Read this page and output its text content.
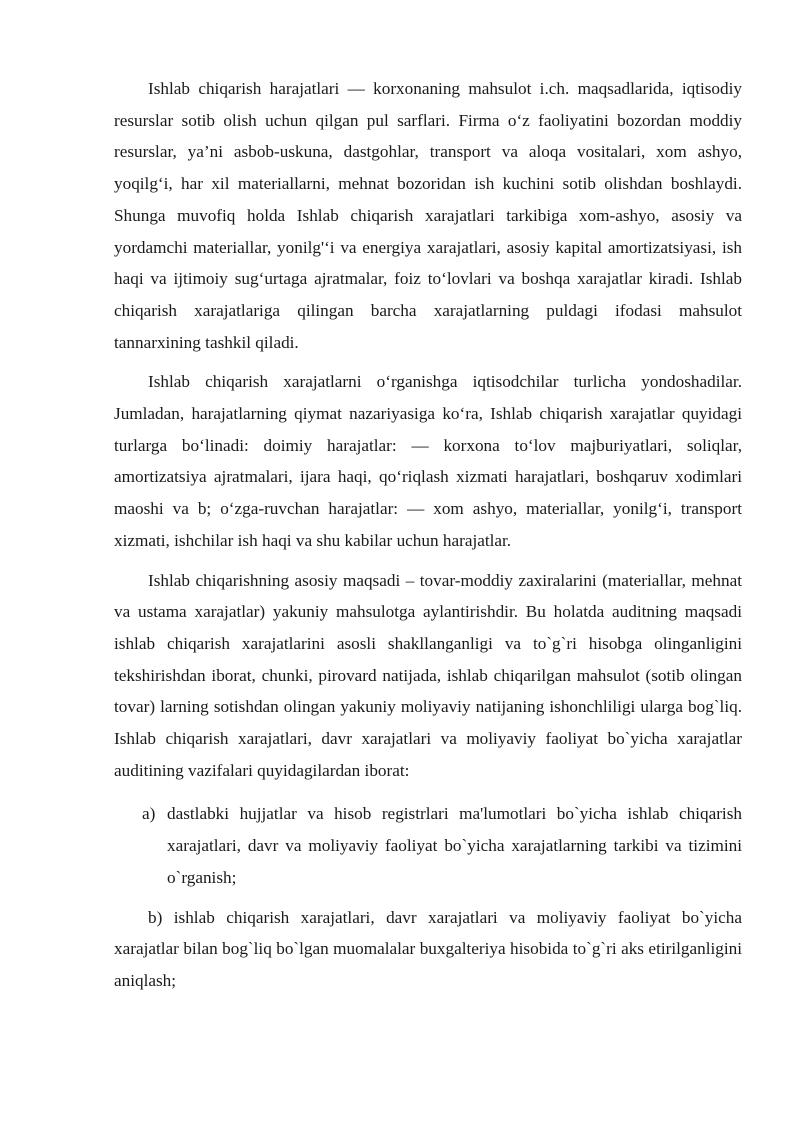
Ishlab chiqarish harajatlari — korxonaning mahsulot i.ch. maqsadlarida, iqtisodiy resurslar sotib olish uchun qilgan pul sarflari. Firma o‘z faoliyatini bozordan moddiy resurslar, ya’ni asbob-uskuna, dastgohlar, transport va aloqa vositalari, xom ashyo, yoqilg‘i, har xil materiallarni, mehnat bozoridan ish kuchini sotib olishdan boshlaydi. Shunga muvofiq holda Ishlab chiqarish xarajatlari tarkibiga xom-ashyo, asosiy va yordamchi materiallar, yonilg'‘i va energiya xarajatlari, asosiy kapital amortizatsiyasi, ish haqi va ijtimoiy sug‘urtaga ajratmalar, foiz to‘lovlari va boshqa xarajatlar kiradi. Ishlab chiqarish xarajatlariga qilingan barcha xarajatlarning puldagi ifodasi mahsulot tannarxining tashkil qiladi.

Ishlab chiqarish xarajatlarni o‘rganishga iqtisodchilar turlicha yondoshadilar. Jumladan, harajatlarning qiymat nazariyasiga ko‘ra, Ishlab chiqarish xarajatlar quyidagi turlarga bo‘linadi: doimiy harajatlar: — korxona to‘lov majburiyatlari, soliqlar, amortizatsiya ajratmalari, ijara haqi, qo‘riqlash xizmati harajatlari, boshqaruv xodimlari maoshi va b; o‘zga-ruvchan harajatlar: — xom ashyo, materiallar, yonilg‘i, transport xizmati, ishchilar ish haqi va shu kabilar uchun harajatlar.

Ishlab chiqarishning asosiy maqsadi – tovar-moddiy zaxiralarini (materiallar, mehnat va ustama xarajatlar) yakuniy mahsulotga aylantirishdir. Bu holatda auditning maqsadi ishlab chiqarish xarajatlarini asosli shakllanganligi va to`g`ri hisobga olinganligini tekshirishdan iborat, chunki, pirovard natijada, ishlab chiqarilgan mahsulot (sotib olingan tovar) larning sotishdan olingan yakuniy moliyaviy natijaning ishonchliligi ularga bog`liq. Ishlab chiqarish xarajatlari, davr xarajatlari va moliyaviy faoliyat bo`yicha xarajatlar auditining vazifalari quyidagilardan iborat:

a) dastlabki hujjatlar va hisob registrlari ma'lumotlari bo`yicha ishlab chiqarish xarajatlari, davr va moliyaviy faoliyat bo`yicha xarajatlarning tarkibi va tizimini o`rganish;

b) ishlab chiqarish xarajatlari, davr xarajatlari va moliyaviy faoliyat bo`yicha xarajatlar bilan bog`liq bo`lgan muomalalar buxgalteriya hisobida to`g`ri aks etirilganligini aniqlash;
